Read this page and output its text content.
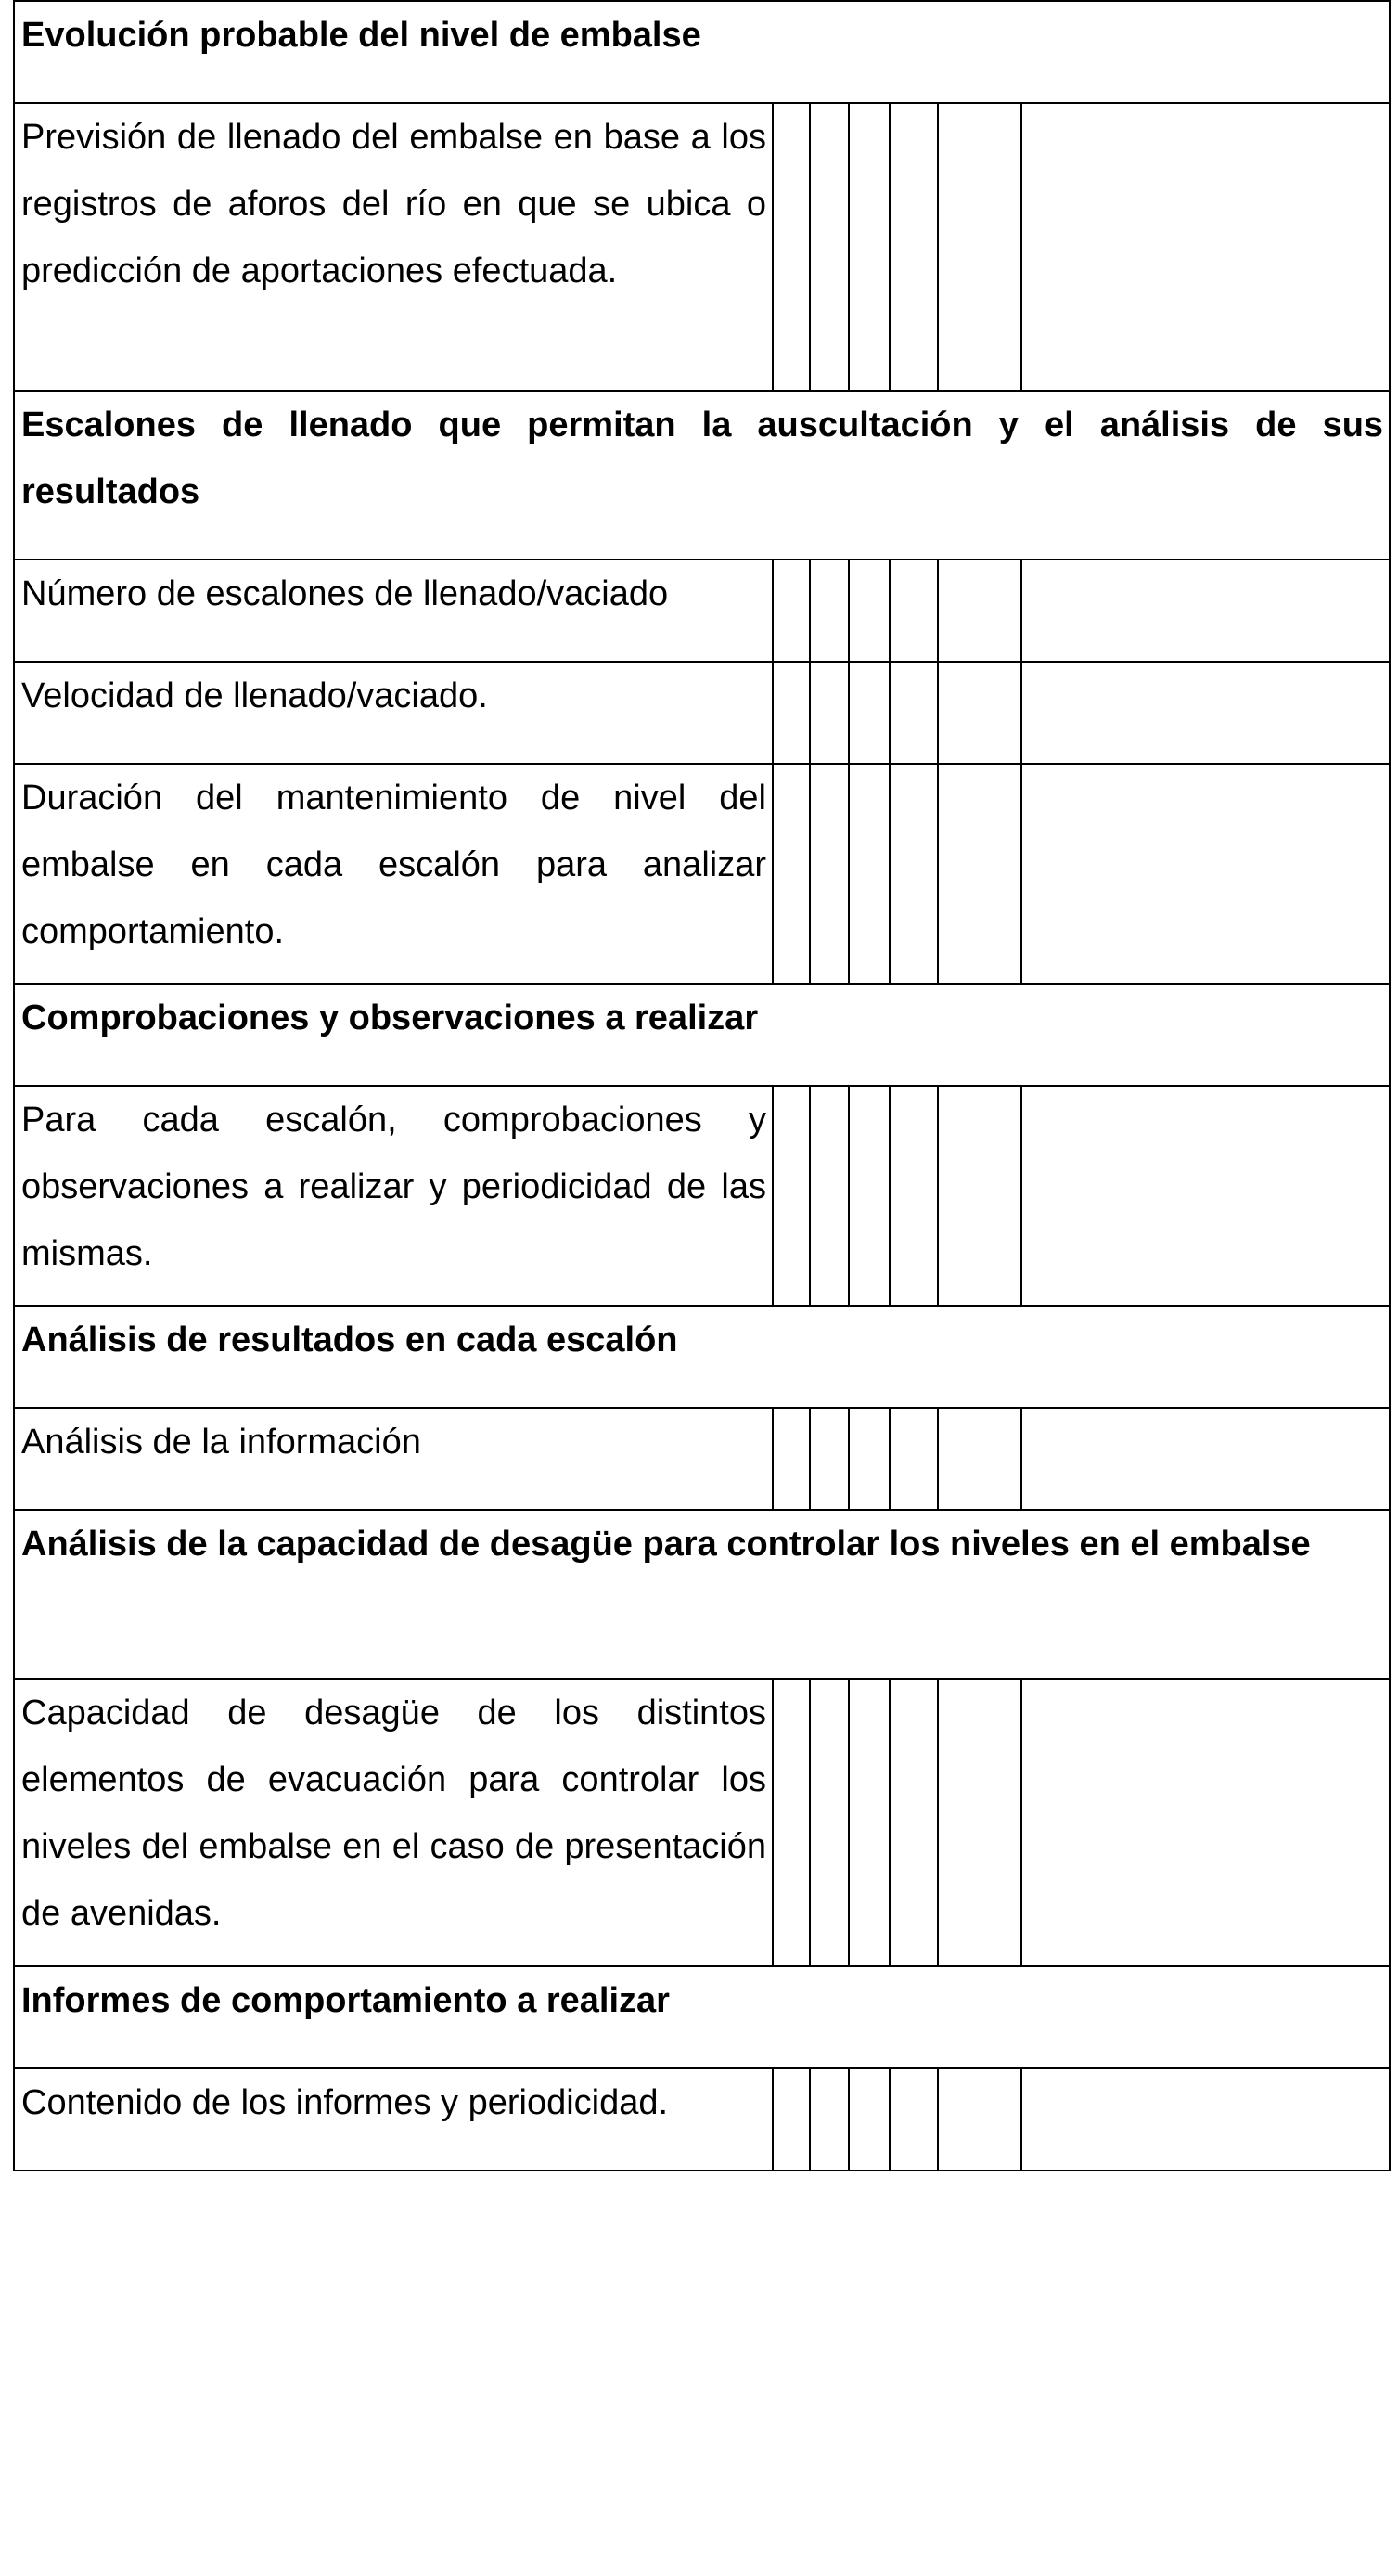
Evolución probable del nivel de embalse						
Previsión de llenado del embalse en base a los registros de aforos del río en que se ubica o predicción de aportaciones efectuada.						
Escalones de llenado que permitan la auscultación y el análisis de sus resultados						
Número de escalones de llenado/vaciado						
Velocidad de llenado/vaciado.						
Duración del mantenimiento de nivel del embalse en cada escalón para analizar comportamiento.						
Comprobaciones y observaciones a realizar						
Para cada escalón, comprobaciones y observaciones a realizar y periodicidad de las mismas.						
Análisis de resultados en cada escalón						
Análisis de la información						
Análisis de la capacidad de desagüe para controlar los niveles en el embalse						
Capacidad de desagüe de los distintos elementos de evacuación para controlar los niveles del embalse en el caso de presentación de avenidas.						
Informes de comportamiento a realizar						
Contenido de los informes y periodicidad.						
